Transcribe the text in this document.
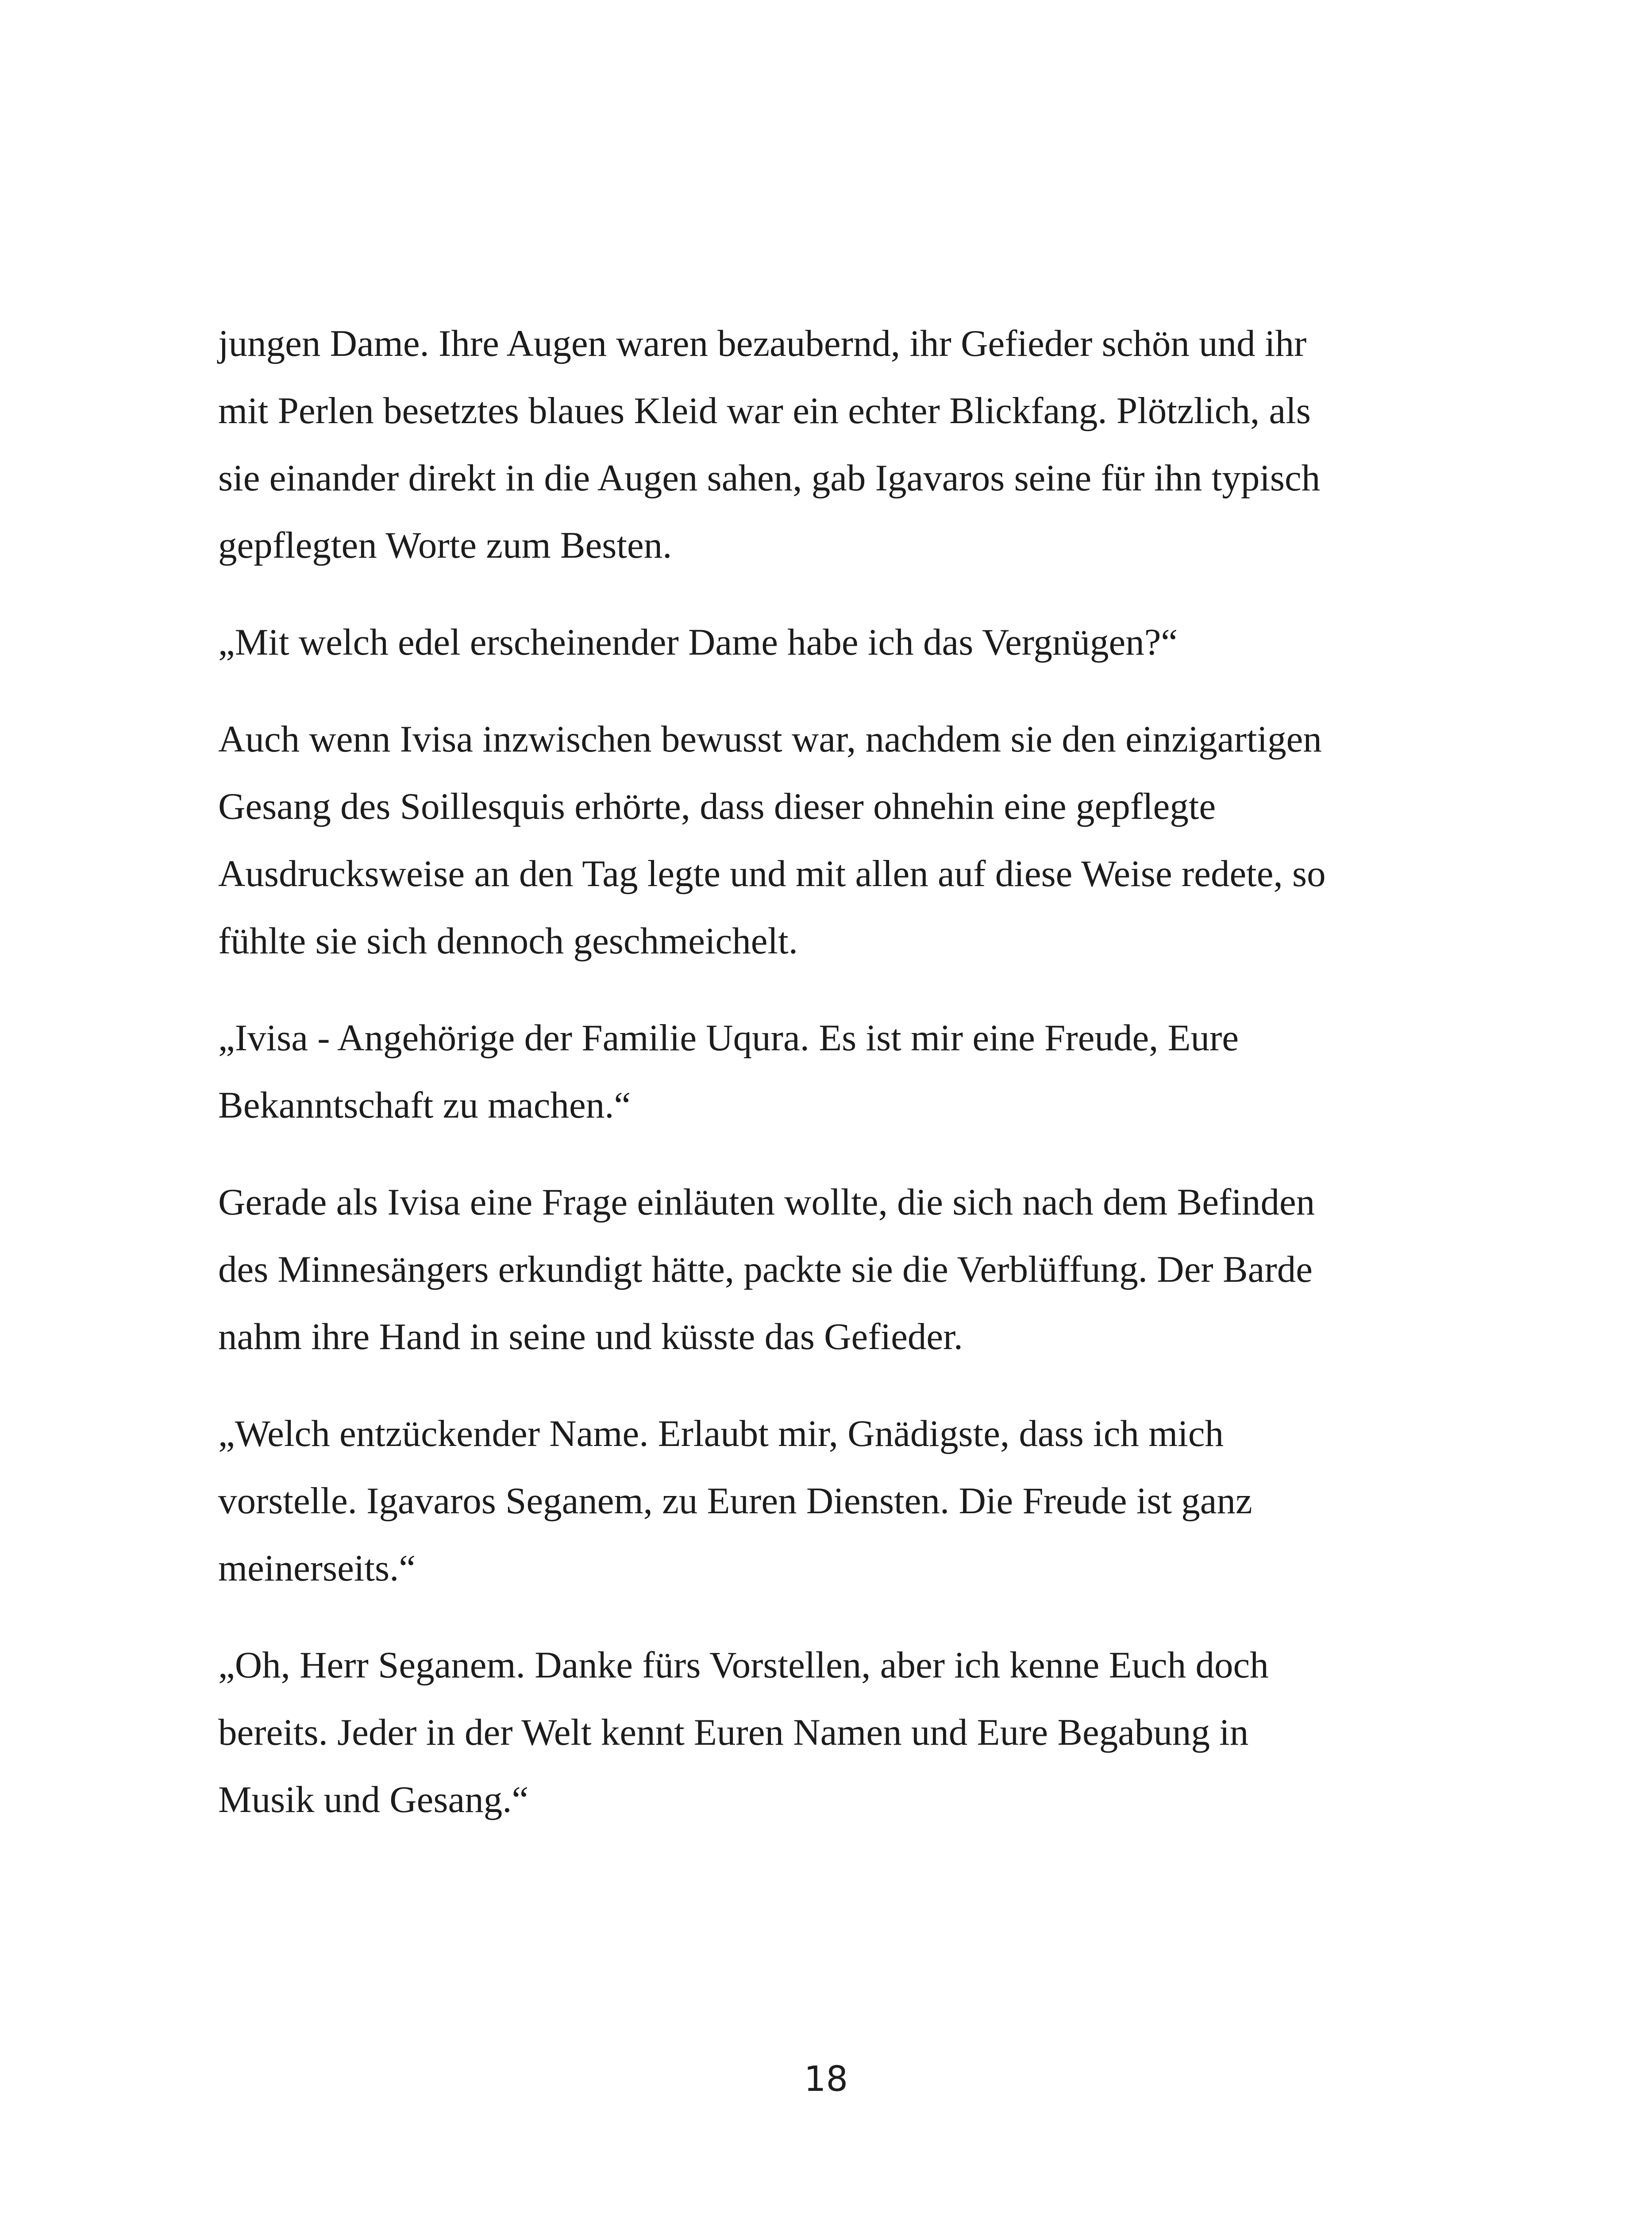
jungen Dame. Ihre Augen waren bezaubernd, ihr Gefieder schön und ihr
mit Perlen besetztes blaues Kleid war ein echter Blickfang. Plötzlich, als
sie einander direkt in die Augen sahen, gab Igavaros seine für ihn typisch
gepflegten Worte zum Besten.

„Mit welch edel erscheinender Dame habe ich das Vergnügen?“

Auch wenn Ivisa inzwischen bewusst war, nachdem sie den einzigartigen
Gesang des Soillesquis erhörte, dass dieser ohnehin eine gepflegte
Ausdrucksweise an den Tag legte und mit allen auf diese Weise redete, so
fühlte sie sich dennoch geschmeichelt.

„Ivisa - Angehörige der Familie Uqura. Es ist mir eine Freude, Eure
Bekanntschaft zu machen.“

Gerade als Ivisa eine Frage einläuten wollte, die sich nach dem Befinden
des Minnesängers erkundigt hätte, packte sie die Verblüffung. Der Barde
nahm ihre Hand in seine und küsste das Gefieder.

„Welch entzückender Name. Erlaubt mir, Gnädigste, dass ich mich
vorstelle. Igavaros Seganem, zu Euren Diensten. Die Freude ist ganz
meinerseits.“

„Oh, Herr Seganem. Danke fürs Vorstellen, aber ich kenne Euch doch
bereits. Jeder in der Welt kennt Euren Namen und Eure Begabung in
Musik und Gesang.“

18
